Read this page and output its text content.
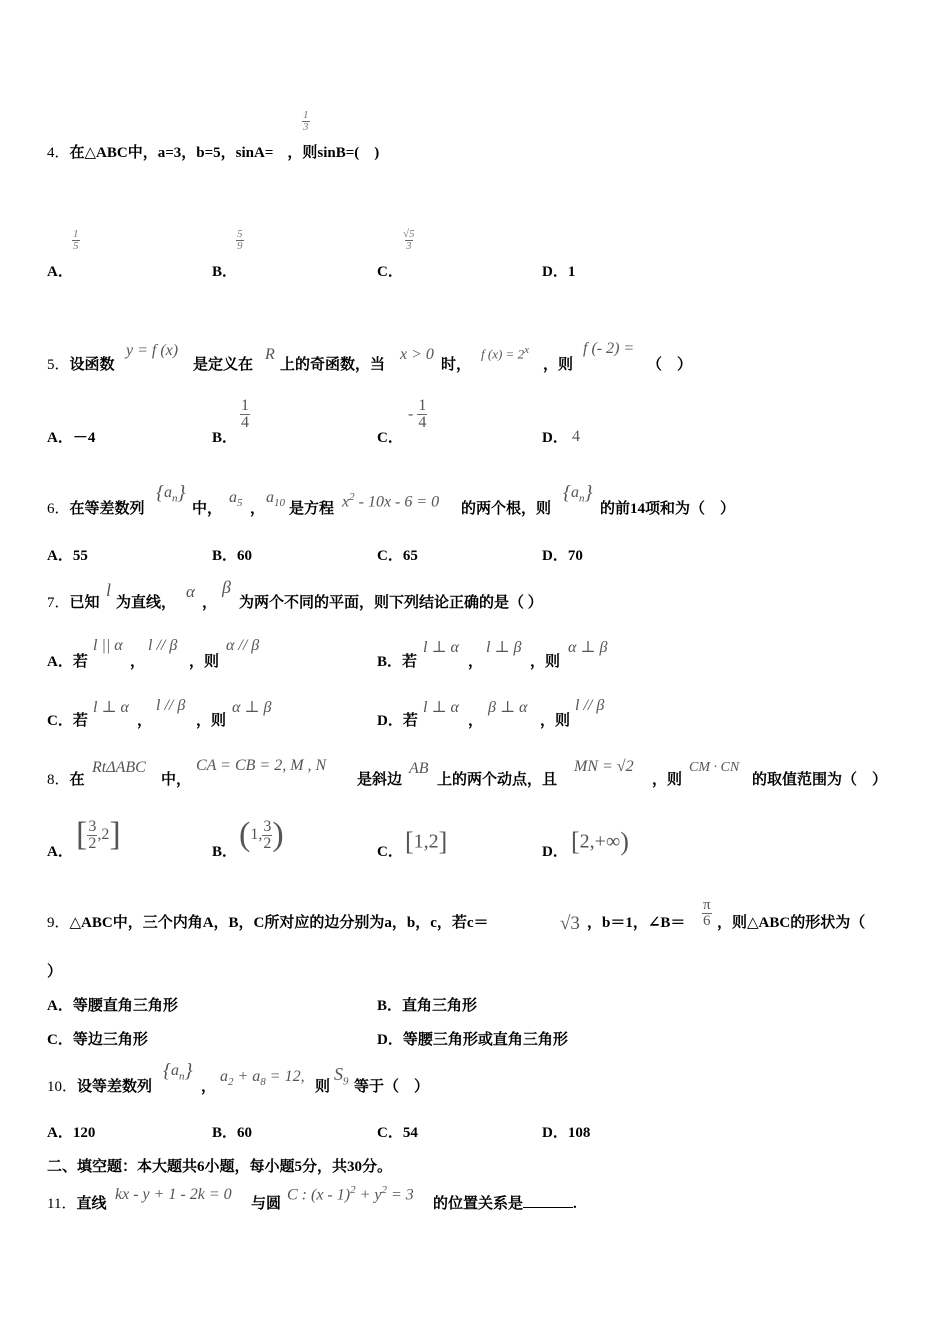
4．在△ABC中，a=3，b=5，sinA= ，则sinB=(　)
$\frac{1}{3}$
A．
$\frac{1}{5}$
B．
$\frac{5}{9}$
C．
$\frac{√5}{3}$
D．1
5．设函数
y = f (x)
是定义在
R
上的奇函数，当
x > 0
时，
f $(x) = 2^x$
，则
f (- 2) =
（　）
A．－4	B．
$\frac{1}{4}$
C．
- $\frac{1}{4}$
D． 4
6．在等差数列
$\{a_n\}$
中，
$a_5$ ，
$a_{10}$ 是方程 $x^2 - 10x - 6 = 0$ 的两个根，则
$\{a_n\}$
的前14项和为（　）
A．55	B．60	C．65	D．70
7．已知
l
为直线，
α
，
β
为两个不同的平面，则下列结论正确的是（ ）
A．若
l || α
，
l // β
，则
α // β
B．若
l ⊥ α
，
l ⊥ β
，则
α ⊥ β
C．若
l ⊥ α
，
l // β
，则
α ⊥ β
D．若
l ⊥ α
，
β ⊥ α
，则
l // β
8．在
RtΔABC
中，
CA = CB = 2, M , N
是斜边
AB
上的两个动点，且
MN = √2
，则
CM · CN
的取值范围为（　）
A． [ $\frac{3}{2} ,2$]	B． (1, $\frac{3}{2}$ )	C． [1,2]	D． [2,+∞)
9．△ABC中，三个内角A，B，C所对应的边分别为a，b，c，若c＝	√3 ，b＝1，∠B＝ $\frac{\pi}{6}$ ，则△ABC的形状为（
）
A．等腰直角三角形	B．直角三角形
C．等边三角形	D．等腰三角形或直角三角形
10．设等差数列
$\{a_n\}$
，
$a_2 + a_8 = 12$,
则
$S_9$ 等于（　）
A．120	B．60	C．54	D．108
二、填空题：本大题共6小题，每小题5分，共30分。
11．直线
kx - y + 1 - 2k = 0
与圆
C : $(x - 1)^2 + y^2 = 3$
的位置关系是	.
